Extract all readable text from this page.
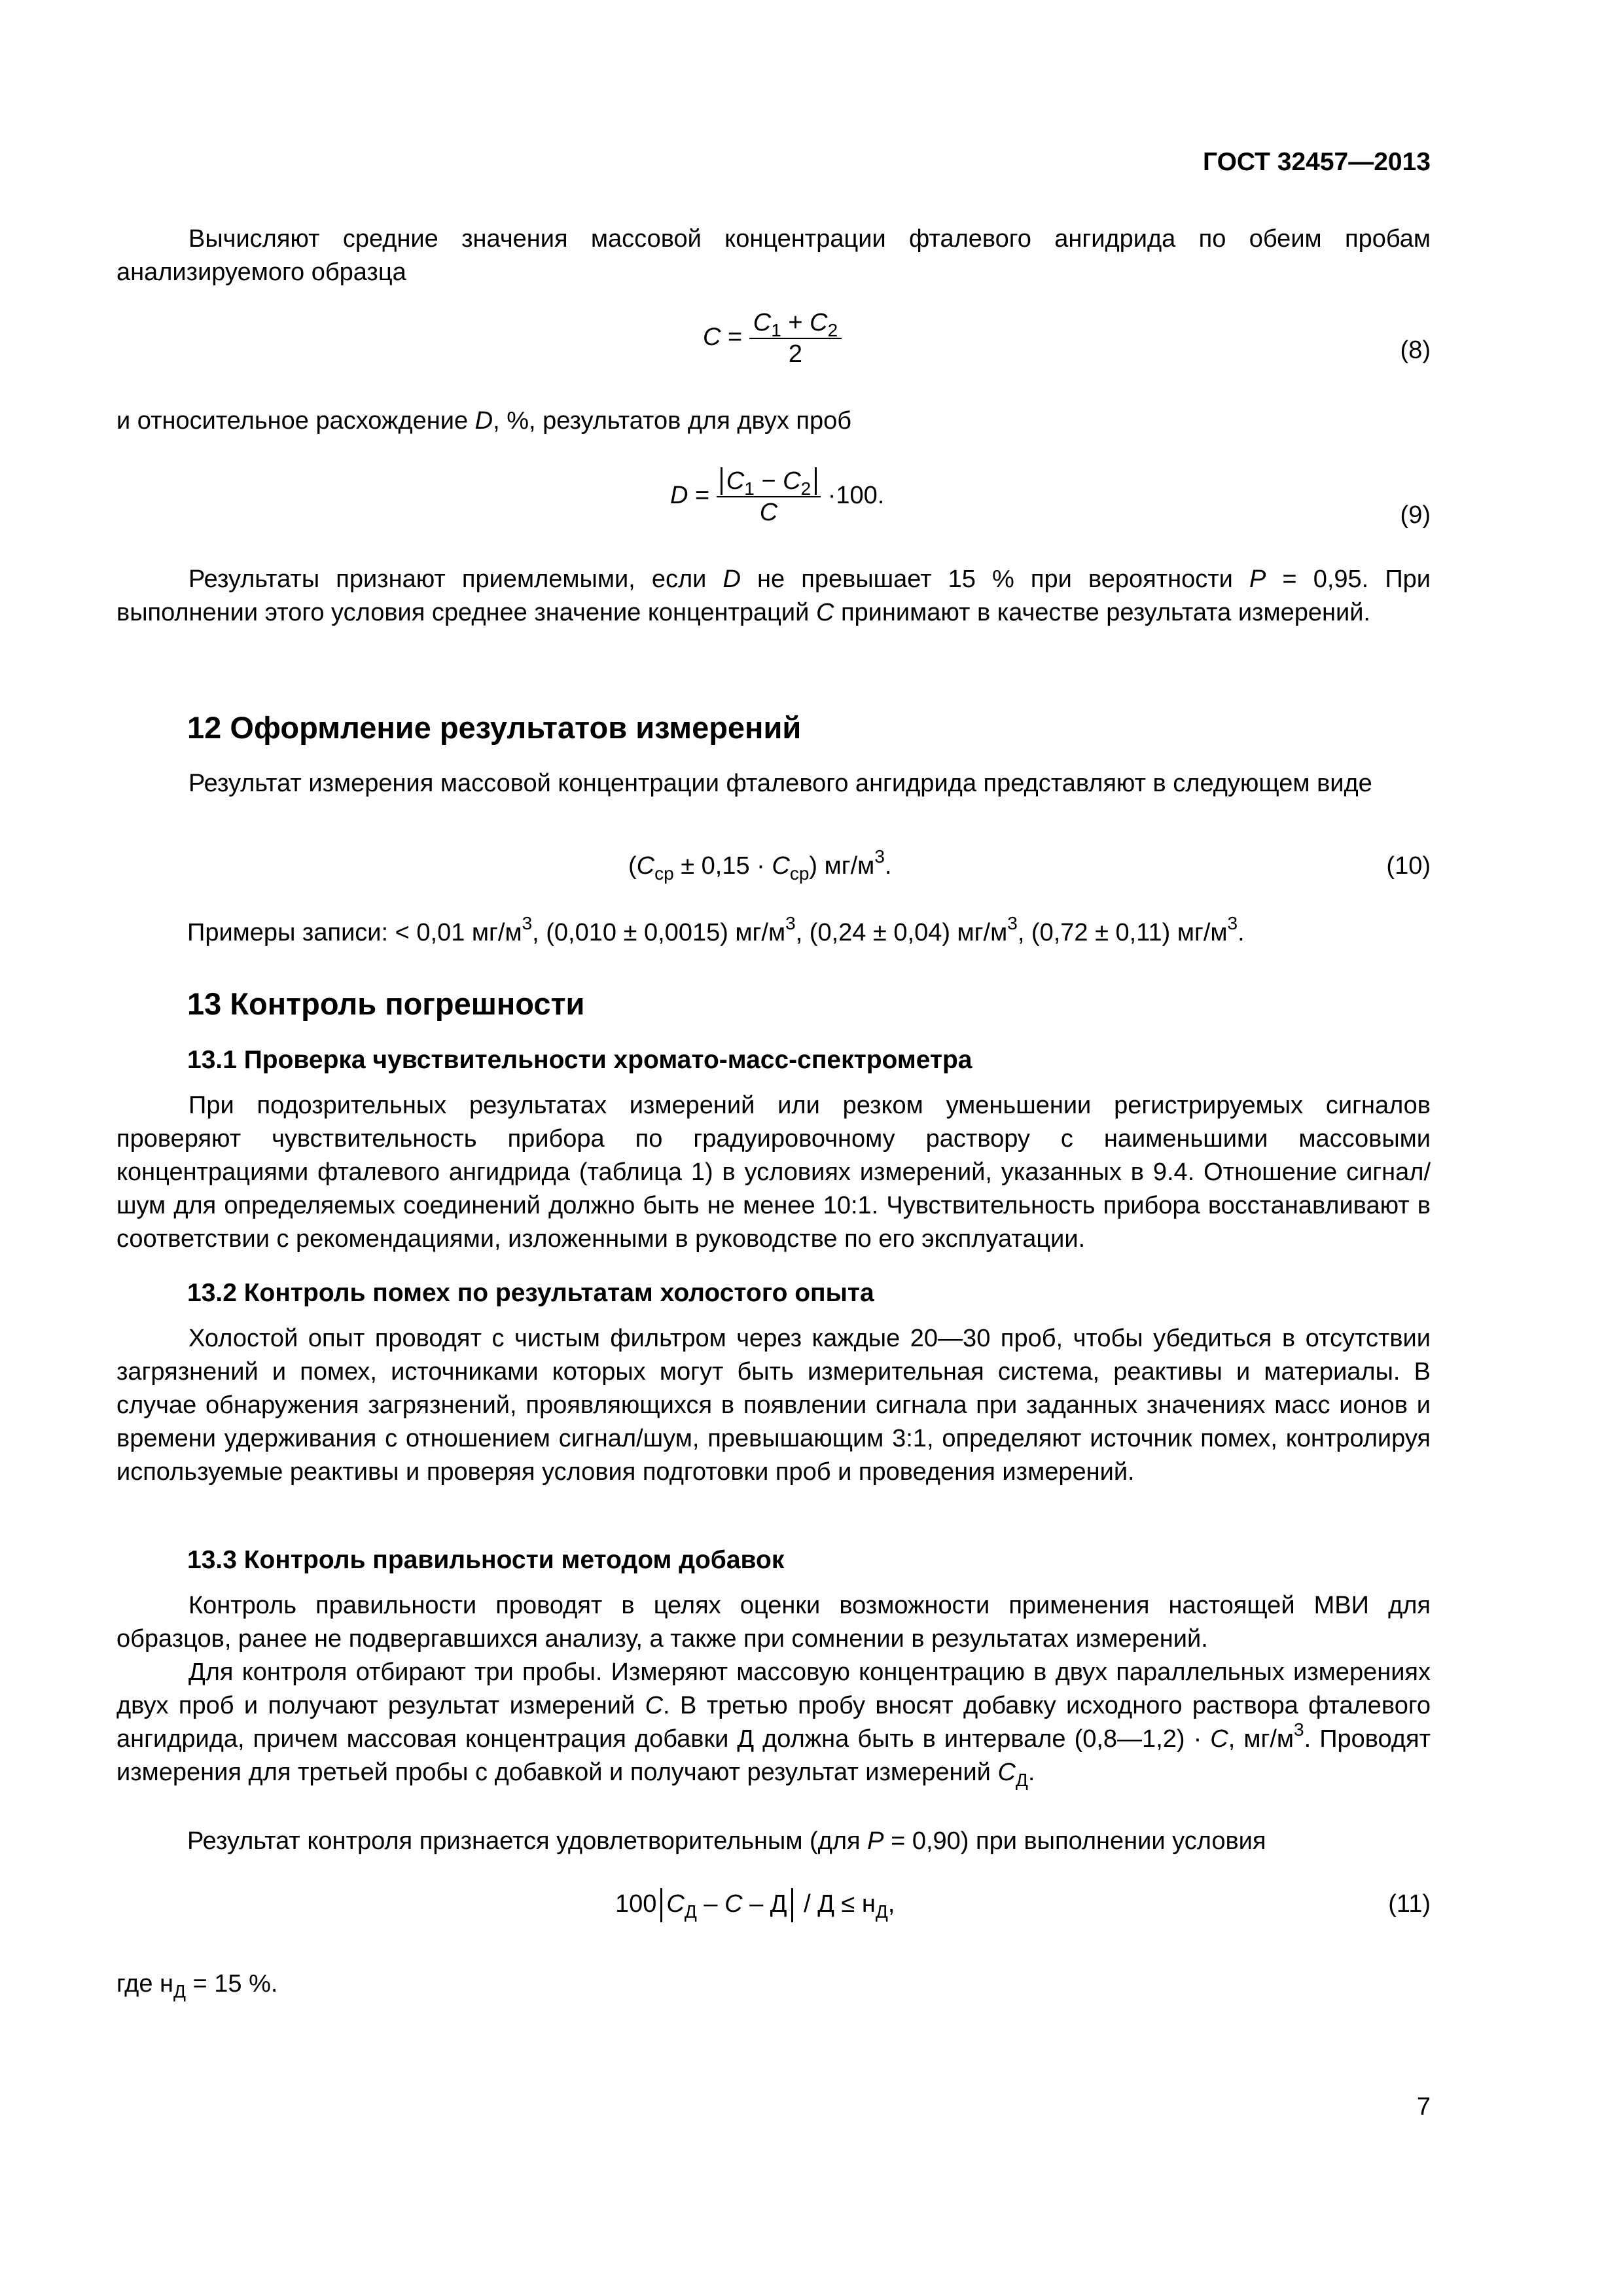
ГОСТ 32457—2013

Вычисляют средние значения массовой концентрации фталевого ангидрида по обеим пробам анализируемого образца

$C = \frac{C_1 + C_2}{2}$	(8)

и относительное расхождение D, %, результатов для двух проб

$D = \frac{C_1 - C_2}{C} \cdot 100$.
(9)

Результаты признают приемлемыми, если D не превышает 15 % при вероятности P = 0,95. При выполнении этого условия среднее значение концентраций C принимают в качестве результата измерений.

12 Оформление результатов измерений

Результат измерения массовой концентрации фталевого ангидрида представляют в следующем виде

$(C_{ср} \pm 0,15 \cdot C_{ср})$ $мг/м^3$.	(10)

Примеры записи: < 0,01 $мг/м^3$, (0,010 ± 0,0015) $мг/м^3$, (0,24 ± 0,04) $мг/м^3$, (0,72 ± 0,11) $мг/м^3$.

13 Контроль погрешности
13.1 Проверка чувствительности хромато-масс-спектрометра

При подозрительных результатах измерений или резком уменьшении регистрируемых сигналов проверяют чувствительность прибора по градуировочному раствору с наименьшими массовыми концентрациями фталевого ангидрида (таблица 1) в условиях измерений, указанных в 9.4. Отношение сигнал/шум для определяемых соединений должно быть не менее 10:1. Чувствительность прибора восстанавливают в соответствии с рекомендациями, изложенными в руководстве по его эксплуатации.

13.2 Контроль помех по результатам холостого опыта

Холостой опыт проводят с чистым фильтром через каждые 20—30 проб, чтобы убедиться в отсутствии загрязнений и помех, источниками которых могут быть измерительная система, реактивы и материалы. В случае обнаружения загрязнений, проявляющихся в появлении сигнала при заданных значениях масс ионов и времени удерживания с отношением сигнал/шум, превышающим 3:1, определяют источник помех, контролируя используемые реактивы и проверяя условия подготовки проб и проведения измерений.

13.3 Контроль правильности методом добавок

Контроль правильности проводят в целях оценки возможности применения настоящей МВИ для образцов, ранее не подвергавшихся анализу, а также при сомнении в результатах измерений.

Для контроля отбирают три пробы. Измеряют массовую концентрацию в двух параллельных измерениях двух проб и получают результат измерений C. В третью пробу вносят добавку исходного раствора фталевого ангидрида, причем массовая концентрация добавки Д должна быть в интервале (0,8—1,2) · C, $мг/м^3$. Проводят измерения для третьей пробы с добавкой и получают результат измерений $C_Д$.

Результат контроля признается удовлетворительным (для P = 0,90) при выполнении условия

100 $C_Д - C - Д / Д \le н_Д$,	(11)

где $н_Д = 15$ %.

7
